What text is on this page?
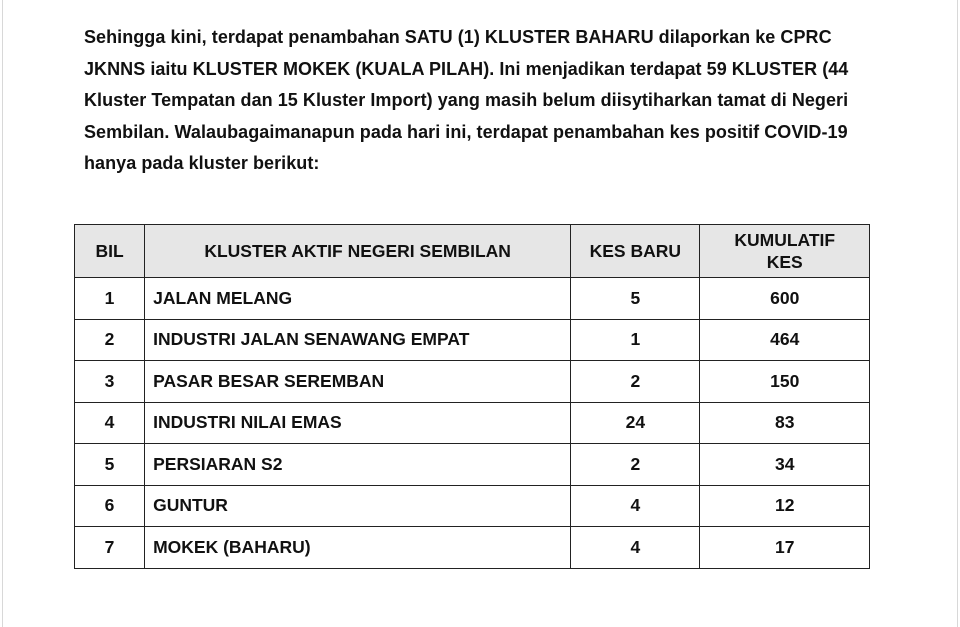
Sehingga kini, terdapat penambahan SATU (1) KLUSTER BAHARU dilaporkan ke CPRC
JKNNS iaitu KLUSTER MOKEK (KUALA PILAH). Ini menjadikan terdapat 59 KLUSTER (44
Kluster Tempatan dan 15 Kluster Import) yang masih belum diisytiharkan tamat di Negeri
Sembilan. Walaubagaimanapun pada hari ini, terdapat penambahan kes positif COVID-19
hanya pada kluster berikut:
BIL	KLUSTER AKTIF NEGERI SEMBILAN	KES BARU	KUMULATIF
KES
1	JALAN MELANG	5	600
2	INDUSTRI JALAN SENAWANG EMPAT	1	464
3	PASAR BESAR SEREMBAN	2	150
4	INDUSTRI NILAI EMAS	24	83
5	PERSIARAN S2	2	34
6	GUNTUR	4	12
7	MOKEK (BAHARU)	4	17
